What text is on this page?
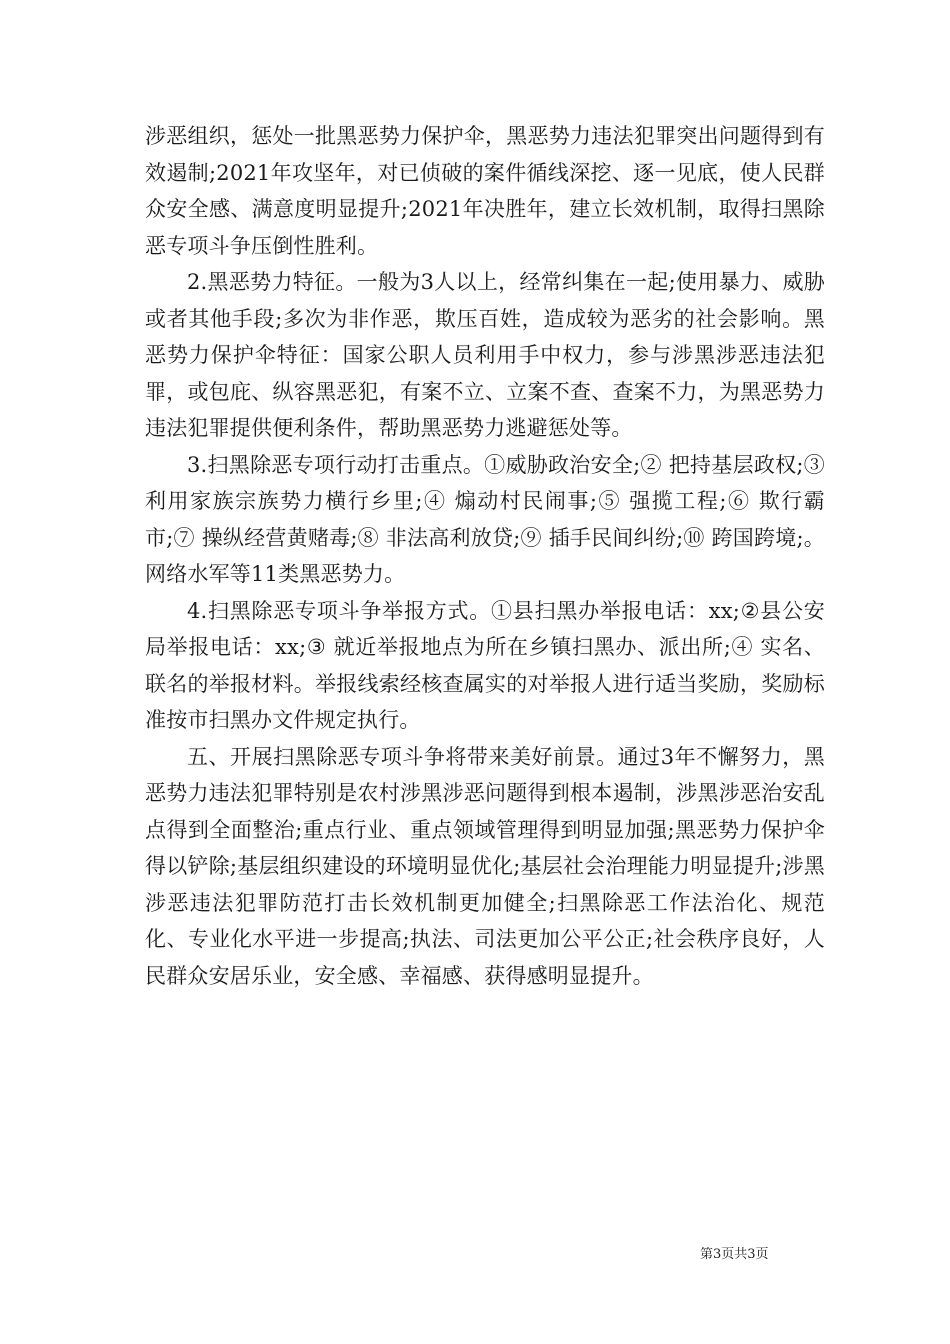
涉恶组织，惩处一批黑恶势力保护伞，黑恶势力违法犯罪突出问题得到有效遏制;2021年攻坚年，对已侦破的案件循线深挖、逐一见底，使人民群众安全感、满意度明显提升;2021年决胜年，建立长效机制，取得扫黑除恶专项斗争压倒性胜利。

2.黑恶势力特征。一般为3人以上，经常纠集在一起;使用暴力、威胁或者其他手段;多次为非作恶，欺压百姓，造成较为恶劣的社会影响。黑恶势力保护伞特征：国家公职人员利用手中权力，参与涉黑涉恶违法犯罪，或包庇、纵容黑恶犯，有案不立、立案不查、查案不力，为黑恶势力违法犯罪提供便利条件，帮助黑恶势力逃避惩处等。

3.扫黑除恶专项行动打击重点。①威胁政治安全;② 把持基层政权;③ 利用家族宗族势力横行乡里;④ 煽动村民闹事;⑤ 强揽工程;⑥ 欺行霸市;⑦ 操纵经营黄赌毒;⑧ 非法高利放贷;⑨ 插手民间纠纷;⑩ 跨国跨境;。网络水军等11类黑恶势力。

4.扫黑除恶专项斗争举报方式。①县扫黑办举报电话：xx;②县公安局举报电话：xx;③ 就近举报地点为所在乡镇扫黑办、派出所;④ 实名、联名的举报材料。举报线索经核查属实的对举报人进行适当奖励，奖励标准按市扫黑办文件规定执行。

五、开展扫黑除恶专项斗争将带来美好前景。通过3年不懈努力，黑恶势力违法犯罪特别是农村涉黑涉恶问题得到根本遏制，涉黑涉恶治安乱点得到全面整治;重点行业、重点领域管理得到明显加强;黑恶势力保护伞得以铲除;基层组织建设的环境明显优化;基层社会治理能力明显提升;涉黑涉恶违法犯罪防范打击长效机制更加健全;扫黑除恶工作法治化、规范化、专业化水平进一步提高;执法、司法更加公平公正;社会秩序良好，人民群众安居乐业，安全感、幸福感、获得感明显提升。

第3页共3页
